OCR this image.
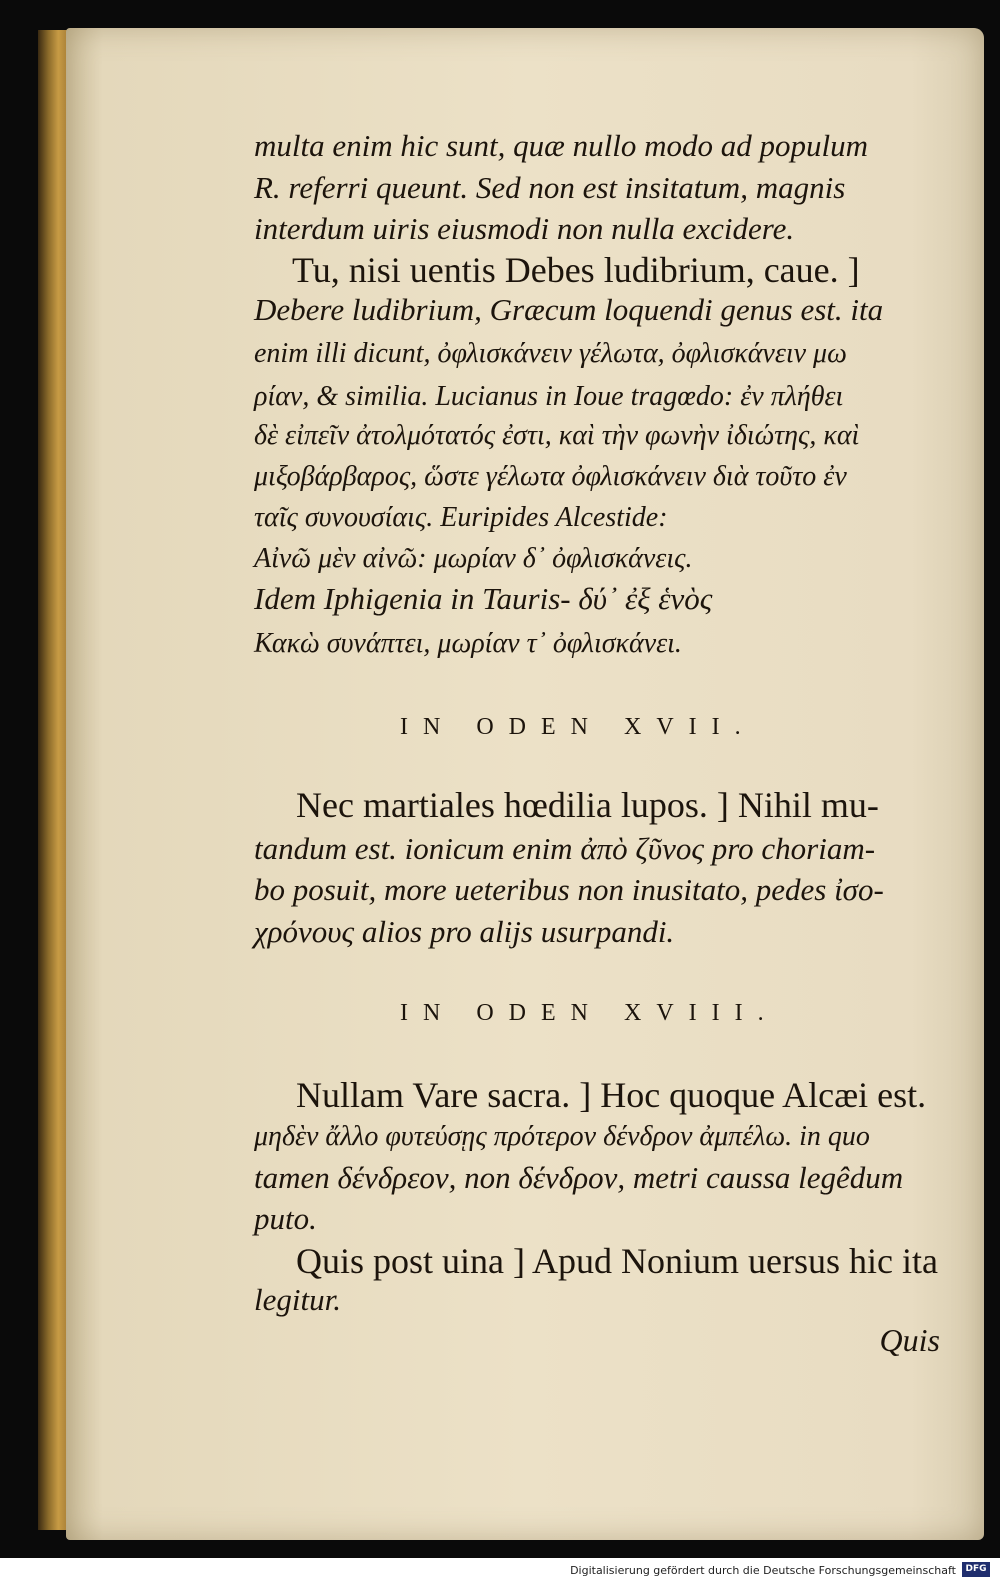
multa enim hic sunt, quæ nullo modo ad populum
R. referri queunt. Sed non est insitatum, magnis
interdum uiris eiusmodi non nulla excidere.
Tu, nisi uentis Debes ludibrium, caue. ]
Debere ludibrium, Græcum loquendi genus est. ita
enim illi dicunt, ὀφλισκάνειν γέλωτα, ὀφλισκάνειν μω
ρίαν, & similia. Lucianus in Ioue tragœdo: ἐν πλήθει
δὲ εἰπεῖν ἀτολμότατός ἐστι, καὶ τὴν φωνὴν ἰδιώτης, καὶ
μιξοβάρβαρος, ὥστε γέλωτα ὀφλισκάνειν διὰ τοῦτο ἐν
ταῖς συνουσίαις. Euripides Alcestide:
Αἰνῶ μὲν αἰνῶ: μωρίαν δ᾽ ὀφλισκάνεις.
Idem Iphigenia in Tauris- δύ᾽ ἐξ ἑνὸς
Κακὼ συνάπτει, μωρίαν τ᾽ ὀφλισκάνει.
IN ODEN XVII.
Nec martiales hœdilia lupos. ] Nihil mu-
tandum est. ionicum enim ἀπὸ ζῦνος pro choriam-
bo posuit, more ueteribus non inusitato, pedes ἰσο-
χρόνους alios pro alijs usurpandi.
IN ODEN XVIII.
Nullam Vare sacra. ] Hoc quoque Alcæi est.
μηδὲν ἄλλο φυτεύσῃς πρότερον δένδρον ἀμπέλω. in quo
tamen δένδρεον, non δένδρον, metri caussa legêdum
puto.
Quis post uina ] Apud Nonium uersus hic ita
legitur.
Quis
Digitalisierung gefördert durch die Deutsche Forschungsgemeinschaft	DFG
